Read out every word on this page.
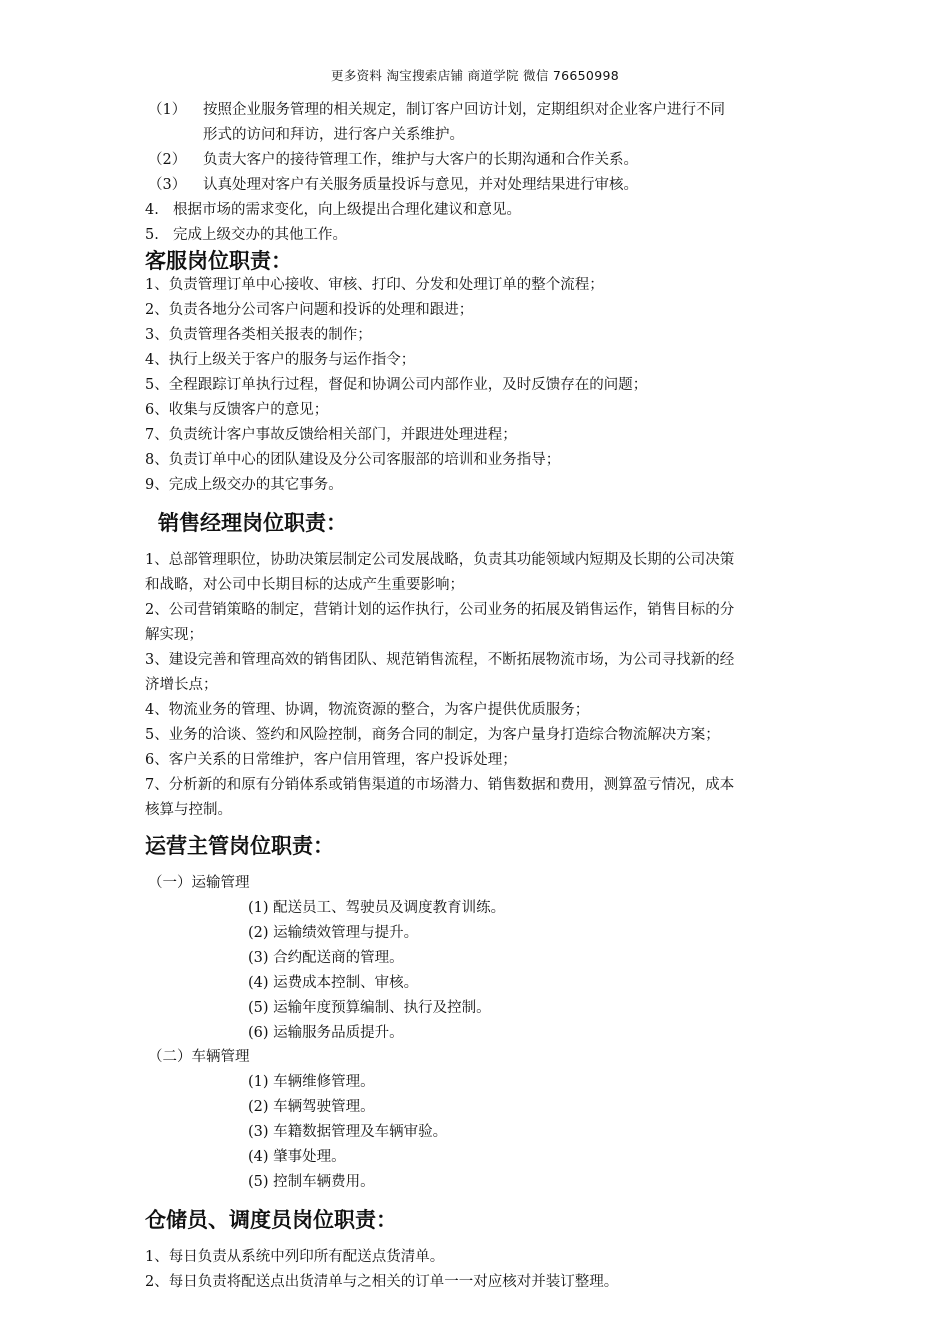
更多资料 淘宝搜索店铺 商道学院 微信 76650998
（1） 按照企业服务管理的相关规定，制订客户回访计划，定期组织对企业客户进行不同
形式的访问和拜访，进行客户关系维护。
（2） 负责大客户的接待管理工作，维护与大客户的长期沟通和合作关系。
（3） 认真处理对客户有关服务质量投诉与意见，并对处理结果进行审核。
4. 根据市场的需求变化，向上级提出合理化建议和意见。
5. 完成上级交办的其他工作。
客服岗位职责：
1、负责管理订单中心接收、审核、打印、分发和处理订单的整个流程；
2、负责各地分公司客户问题和投诉的处理和跟进；
3、负责管理各类相关报表的制作；
4、执行上级关于客户的服务与运作指令；
5、全程跟踪订单执行过程，督促和协调公司内部作业，及时反馈存在的问题；
6、收集与反馈客户的意见；
7、负责统计客户事故反馈给相关部门，并跟进处理进程；
8、负责订单中心的团队建设及分公司客服部的培训和业务指导；
9、完成上级交办的其它事务。
销售经理岗位职责：
1、总部管理职位，协助决策层制定公司发展战略，负责其功能领域内短期及长期的公司决策
和战略，对公司中长期目标的达成产生重要影响；
2、公司营销策略的制定，营销计划的运作执行，公司业务的拓展及销售运作，销售目标的分
解实现；
3、建设完善和管理高效的销售团队、规范销售流程，不断拓展物流市场，为公司寻找新的经
济增长点；
4、物流业务的管理、协调，物流资源的整合，为客户提供优质服务；
5、业务的洽谈、签约和风险控制，商务合同的制定，为客户量身打造综合物流解决方案；
6、客户关系的日常维护，客户信用管理，客户投诉处理；
7、分析新的和原有分销体系或销售渠道的市场潜力、销售数据和费用，测算盈亏情况，成本
核算与控制。
运营主管岗位职责：
（一）运输管理
(1) 配送员工、驾驶员及调度教育训练。
(2) 运输绩效管理与提升。
(3) 合约配送商的管理。
(4) 运费成本控制、审核。
(5) 运输年度预算编制、执行及控制。
(6) 运输服务品质提升。
（二）车辆管理
(1) 车辆维修管理。
(2) 车辆驾驶管理。
(3) 车籍数据管理及车辆审验。
(4) 肇事处理。
(5) 控制车辆费用。
仓储员、调度员岗位职责：
1、每日负责从系统中列印所有配送点货清单。
2、每日负责将配送点出货清单与之相关的订单一一对应核对并装订整理。
